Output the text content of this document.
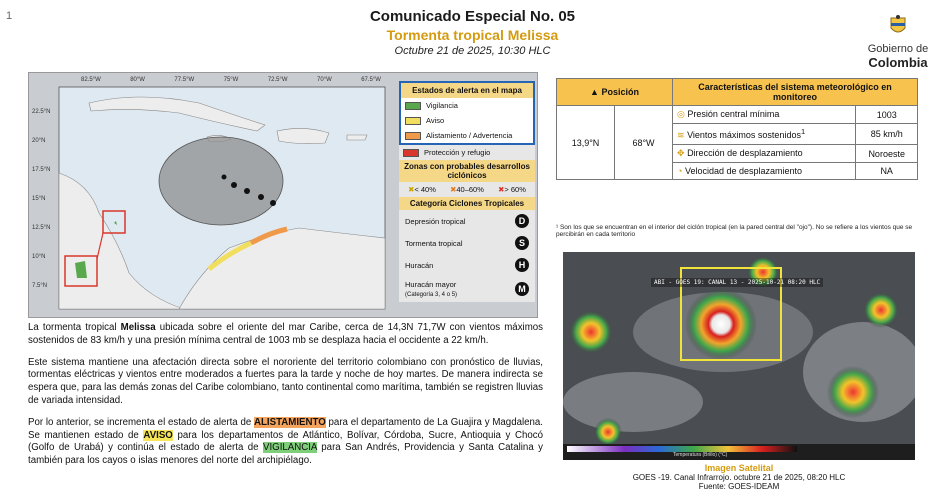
1	Comunicado Especial No. 05
Tormenta tropical Melissa
Octubre 21 de 2025, 10:30 HLC	Gobierno de
Colombia
82.5°W	80°W	77.5°W	75°W	72.5°W	70°W	67.5°W
22.5°N
20°N
17.5°N
15°N
12.5°N
10°N
7.5°N
Estados de alerta en el mapa
Vigilancia
Aviso
Alistamiento / Advertencia
Protección y refugio
Zonas con probables desarrollos ciclónicos
✖< 40% ✖40–60% ✖> 60%
Categoría Ciclones Tropicales
Depresión tropical	D
Tormenta tropical	S
Huracán	H
Huracán mayor
(Categoría 3, 4 o 5)
M

La tormenta tropical Melissa ubicada sobre el oriente del mar Caribe, cerca de 14,3N 71,7W con vientos máximos sostenidos de 83 km/h y una presión mínima central de 1003 mb se desplaza hacia el occidente a 22 km/h.

Este sistema mantiene una afectación directa sobre el nororiente del territorio colombiano con pronóstico de lluvias, tormentas eléctricas y vientos entre moderados a fuertes para la tarde y noche de hoy martes. De manera indirecta se espera que, para las demás zonas del Caribe colombiano, tanto continental como marítima, también se registren lluvias de variada intensidad.

Por lo anterior, se incrementa el estado de alerta de ALISTAMIENTO para el departamento de La Guajira y Magdalena. Se mantienen estado de AVISO para los departamentos de Atlántico, Bolívar, Córdoba, Sucre, Antioquia y Chocó (Golfo de Urabá) y continúa el estado de alerta de VIGILANCIA para San Andrés, Providencia y Santa Catalina y también para los cayos o islas menores del norte del archipiélago.

▲ Posición		Características del sistema meteorológico en monitoreo	
13,9°N	68°W	◎ Presión central mínima	1003
		≋ Vientos máximos sostenidos$^1$	85 km/h
		✥ Dirección de desplazamiento	Noroeste
		◔ Velocidad de desplazamiento	NA
¹ Son los que se encuentran en el interior del ciclón tropical (en la pared central del "ojo"). No se refiere a los vientos que se percibirán en cada territorio
ABI - GOES 19: CANAL 13 - 2025-10-21 08:20 HLC
Temperatura (Brillo) (°C)
Imagen Satelital
GOES -19. Canal Infrarrojo. octubre 21 de 2025, 08:20 HLC
Fuente: GOES-IDEAM
